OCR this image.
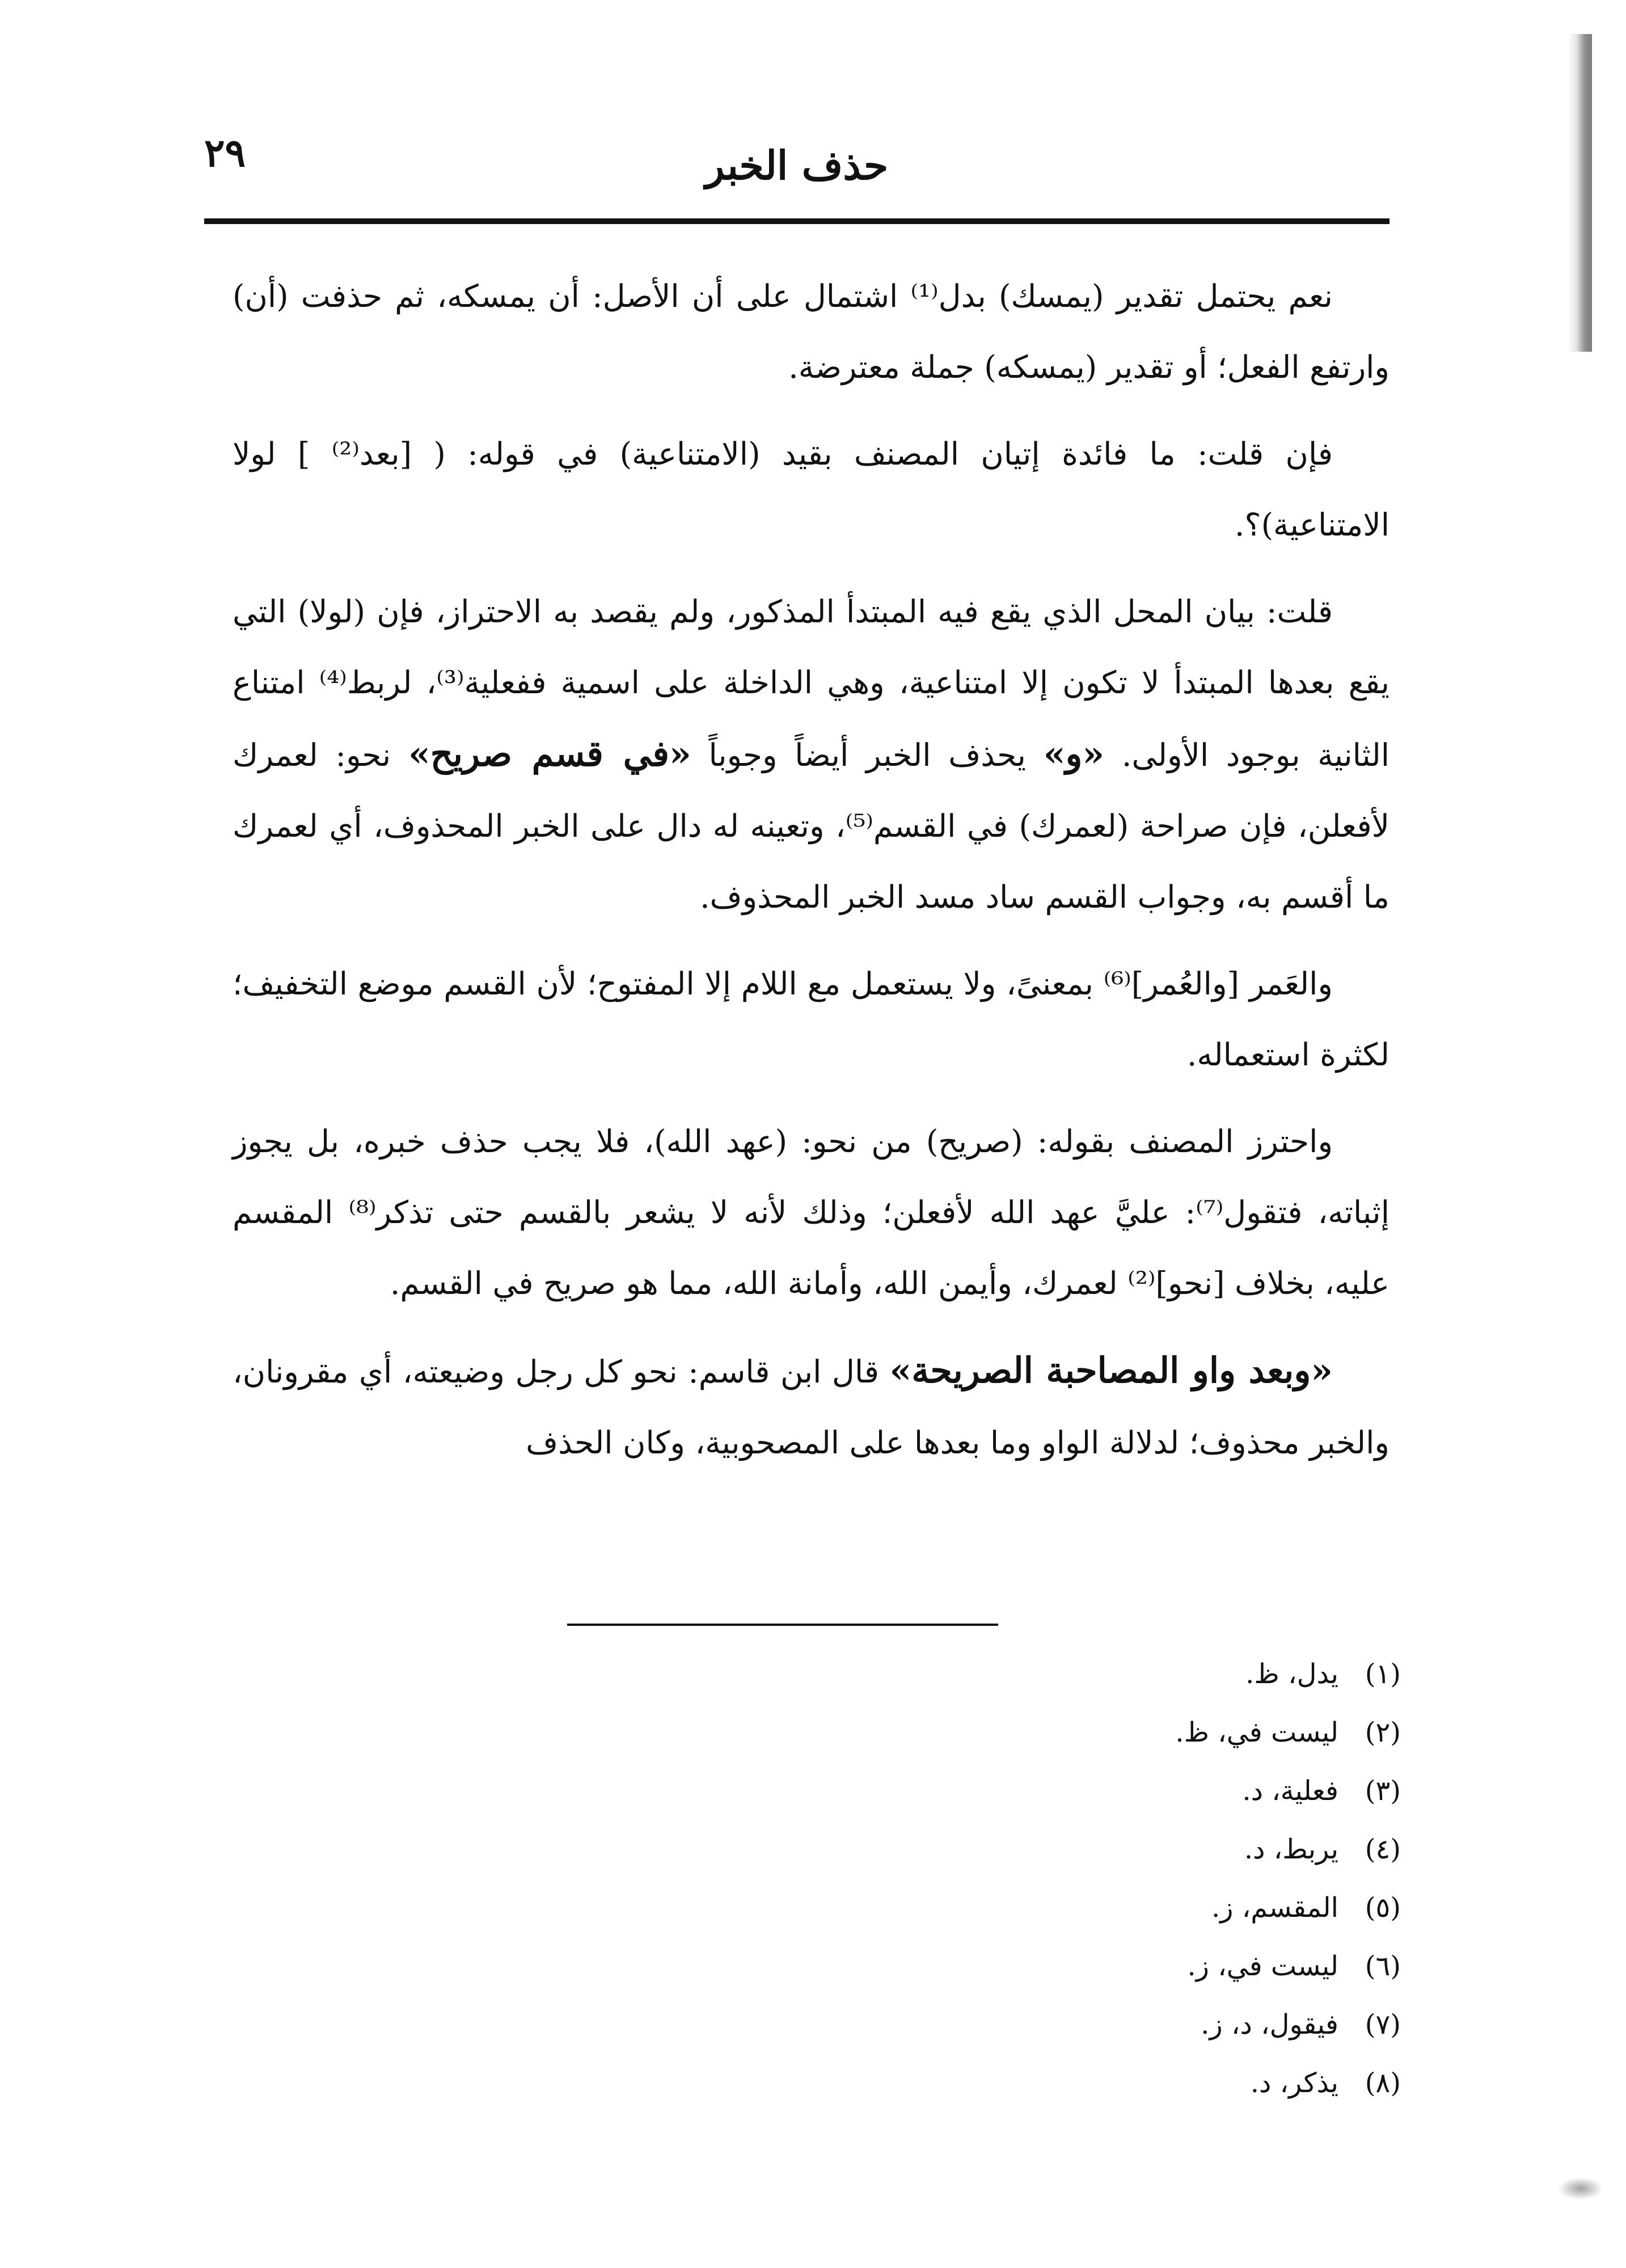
٢٩	حذف الخبر

نعم يحتمل تقدير (يمسك) بدل⁽¹⁾ اشتمال على أن الأصل: أن يمسكه، ثم حذفت (أن) وارتفع الفعل؛ أو تقدير (يمسكه) جملة معترضة.

فإن قلت: ما فائدة إتيان المصنف بقيد (الامتناعية) في قوله: ( [بعد⁽²⁾ ] لولا الامتناعية)؟.

قلت: بيان المحل الذي يقع فيه المبتدأ المذكور، ولم يقصد به الاحتراز، فإن (لولا) التي يقع بعدها المبتدأ لا تكون إلا امتناعية، وهي الداخلة على اسمية ففعلية⁽³⁾، لربط⁽⁴⁾ امتناع الثانية بوجود الأولى. «و» يحذف الخبر أيضاً وجوباً «في قسم صريح» نحو: لعمرك لأفعلن، فإن صراحة (لعمرك) في القسم⁽⁵⁾، وتعينه له دال على الخبر المحذوف، أي لعمرك ما أقسم به، وجواب القسم ساد مسد الخبر المحذوف.

والعَمر [والعُمر]⁽⁶⁾ بمعنىً، ولا يستعمل مع اللام إلا المفتوح؛ لأن القسم موضع التخفيف؛ لكثرة استعماله.

واحترز المصنف بقوله: (صريح) من نحو: (عهد الله)، فلا يجب حذف خبره، بل يجوز إثباته، فتقول⁽⁷⁾: عليَّ عهد الله لأفعلن؛ وذلك لأنه لا يشعر بالقسم حتى تذكر⁽⁸⁾ المقسم عليه، بخلاف [نحو]⁽²⁾ لعمرك، وأيمن الله، وأمانة الله، مما هو صريح في القسم.

«وبعد واو المصاحبة الصريحة» قال ابن قاسم: نحو كل رجل وضيعته، أي مقرونان، والخبر محذوف؛ لدلالة الواو وما بعدها على المصحوبية، وكان الحذف

(١)يدل، ظ.
(٢)ليست في، ظ.
(٣)فعلية، د.
(٤)يربط، د.
(٥)المقسم، ز.
(٦)ليست في، ز.
(٧)فيقول، د، ز.
(٨)يذكر، د.
